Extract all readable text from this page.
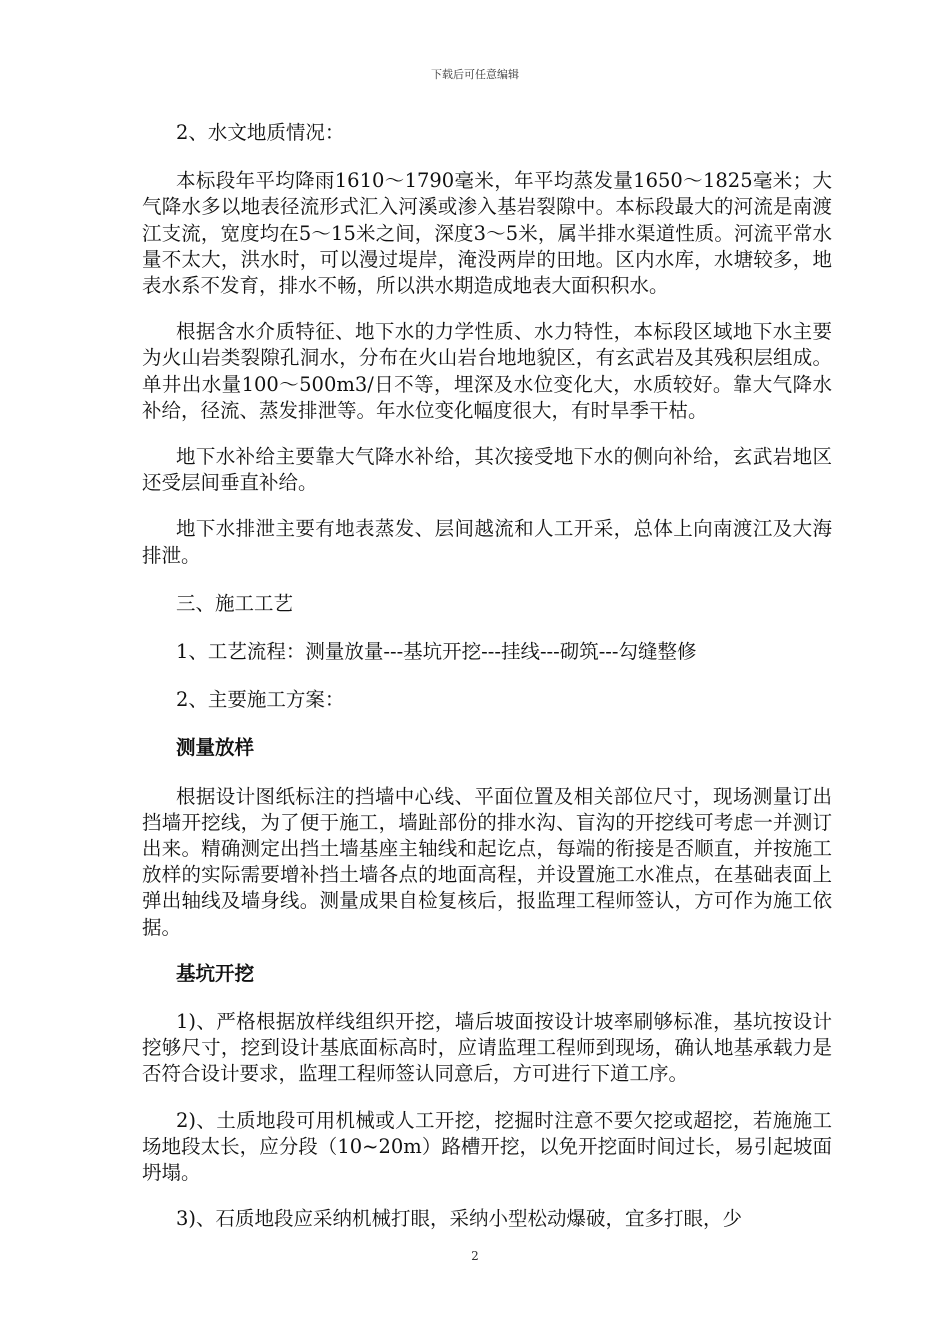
下载后可任意编辑

2、水文地质情况：

本标段年平均降雨1610～1790毫米，年平均蒸发量1650～1825毫米；大气降水多以地表径流形式汇入河溪或渗入基岩裂隙中。本标段最大的河流是南渡江支流，宽度均在5～15米之间，深度3～5米，属半排水渠道性质。河流平常水量不太大，洪水时，可以漫过堤岸，淹没两岸的田地。区内水库，水塘较多，地表水系不发育，排水不畅，所以洪水期造成地表大面积积水。

根据含水介质特征、地下水的力学性质、水力特性，本标段区域地下水主要为火山岩类裂隙孔洞水，分布在火山岩台地地貌区，有玄武岩及其残积层组成。单井出水量100～500m3/日不等，埋深及水位变化大，水质较好。靠大气降水补给，径流、蒸发排泄等。年水位变化幅度很大，有时旱季干枯。

地下水补给主要靠大气降水补给，其次接受地下水的侧向补给，玄武岩地区还受层间垂直补给。

地下水排泄主要有地表蒸发、层间越流和人工开采，总体上向南渡江及大海排泄。

三、施工工艺

1、工艺流程：测量放量---基坑开挖---挂线---砌筑---勾缝整修

2、主要施工方案：

测量放样

根据设计图纸标注的挡墙中心线、平面位置及相关部位尺寸，现场测量订出挡墙开挖线，为了便于施工，墙趾部份的排水沟、盲沟的开挖线可考虑一并测订出来。精确测定出挡土墙基座主轴线和起讫点，每端的衔接是否顺直，并按施工放样的实际需要增补挡土墙各点的地面高程，并设置施工水准点，在基础表面上弹出轴线及墙身线。测量成果自检复核后，报监理工程师签认，方可作为施工依据。

基坑开挖

1)、严格根据放样线组织开挖，墙后坡面按设计坡率刷够标准，基坑按设计挖够尺寸，挖到设计基底面标高时，应请监理工程师到现场，确认地基承载力是否符合设计要求，监理工程师签认同意后，方可进行下道工序。

2)、土质地段可用机械或人工开挖，挖掘时注意不要欠挖或超挖，若施施工场地段太长，应分段（10~20m）路槽开挖，以免开挖面时间过长，易引起坡面坍塌。

3)、石质地段应采纳机械打眼，采纳小型松动爆破，宜多打眼，少

2
